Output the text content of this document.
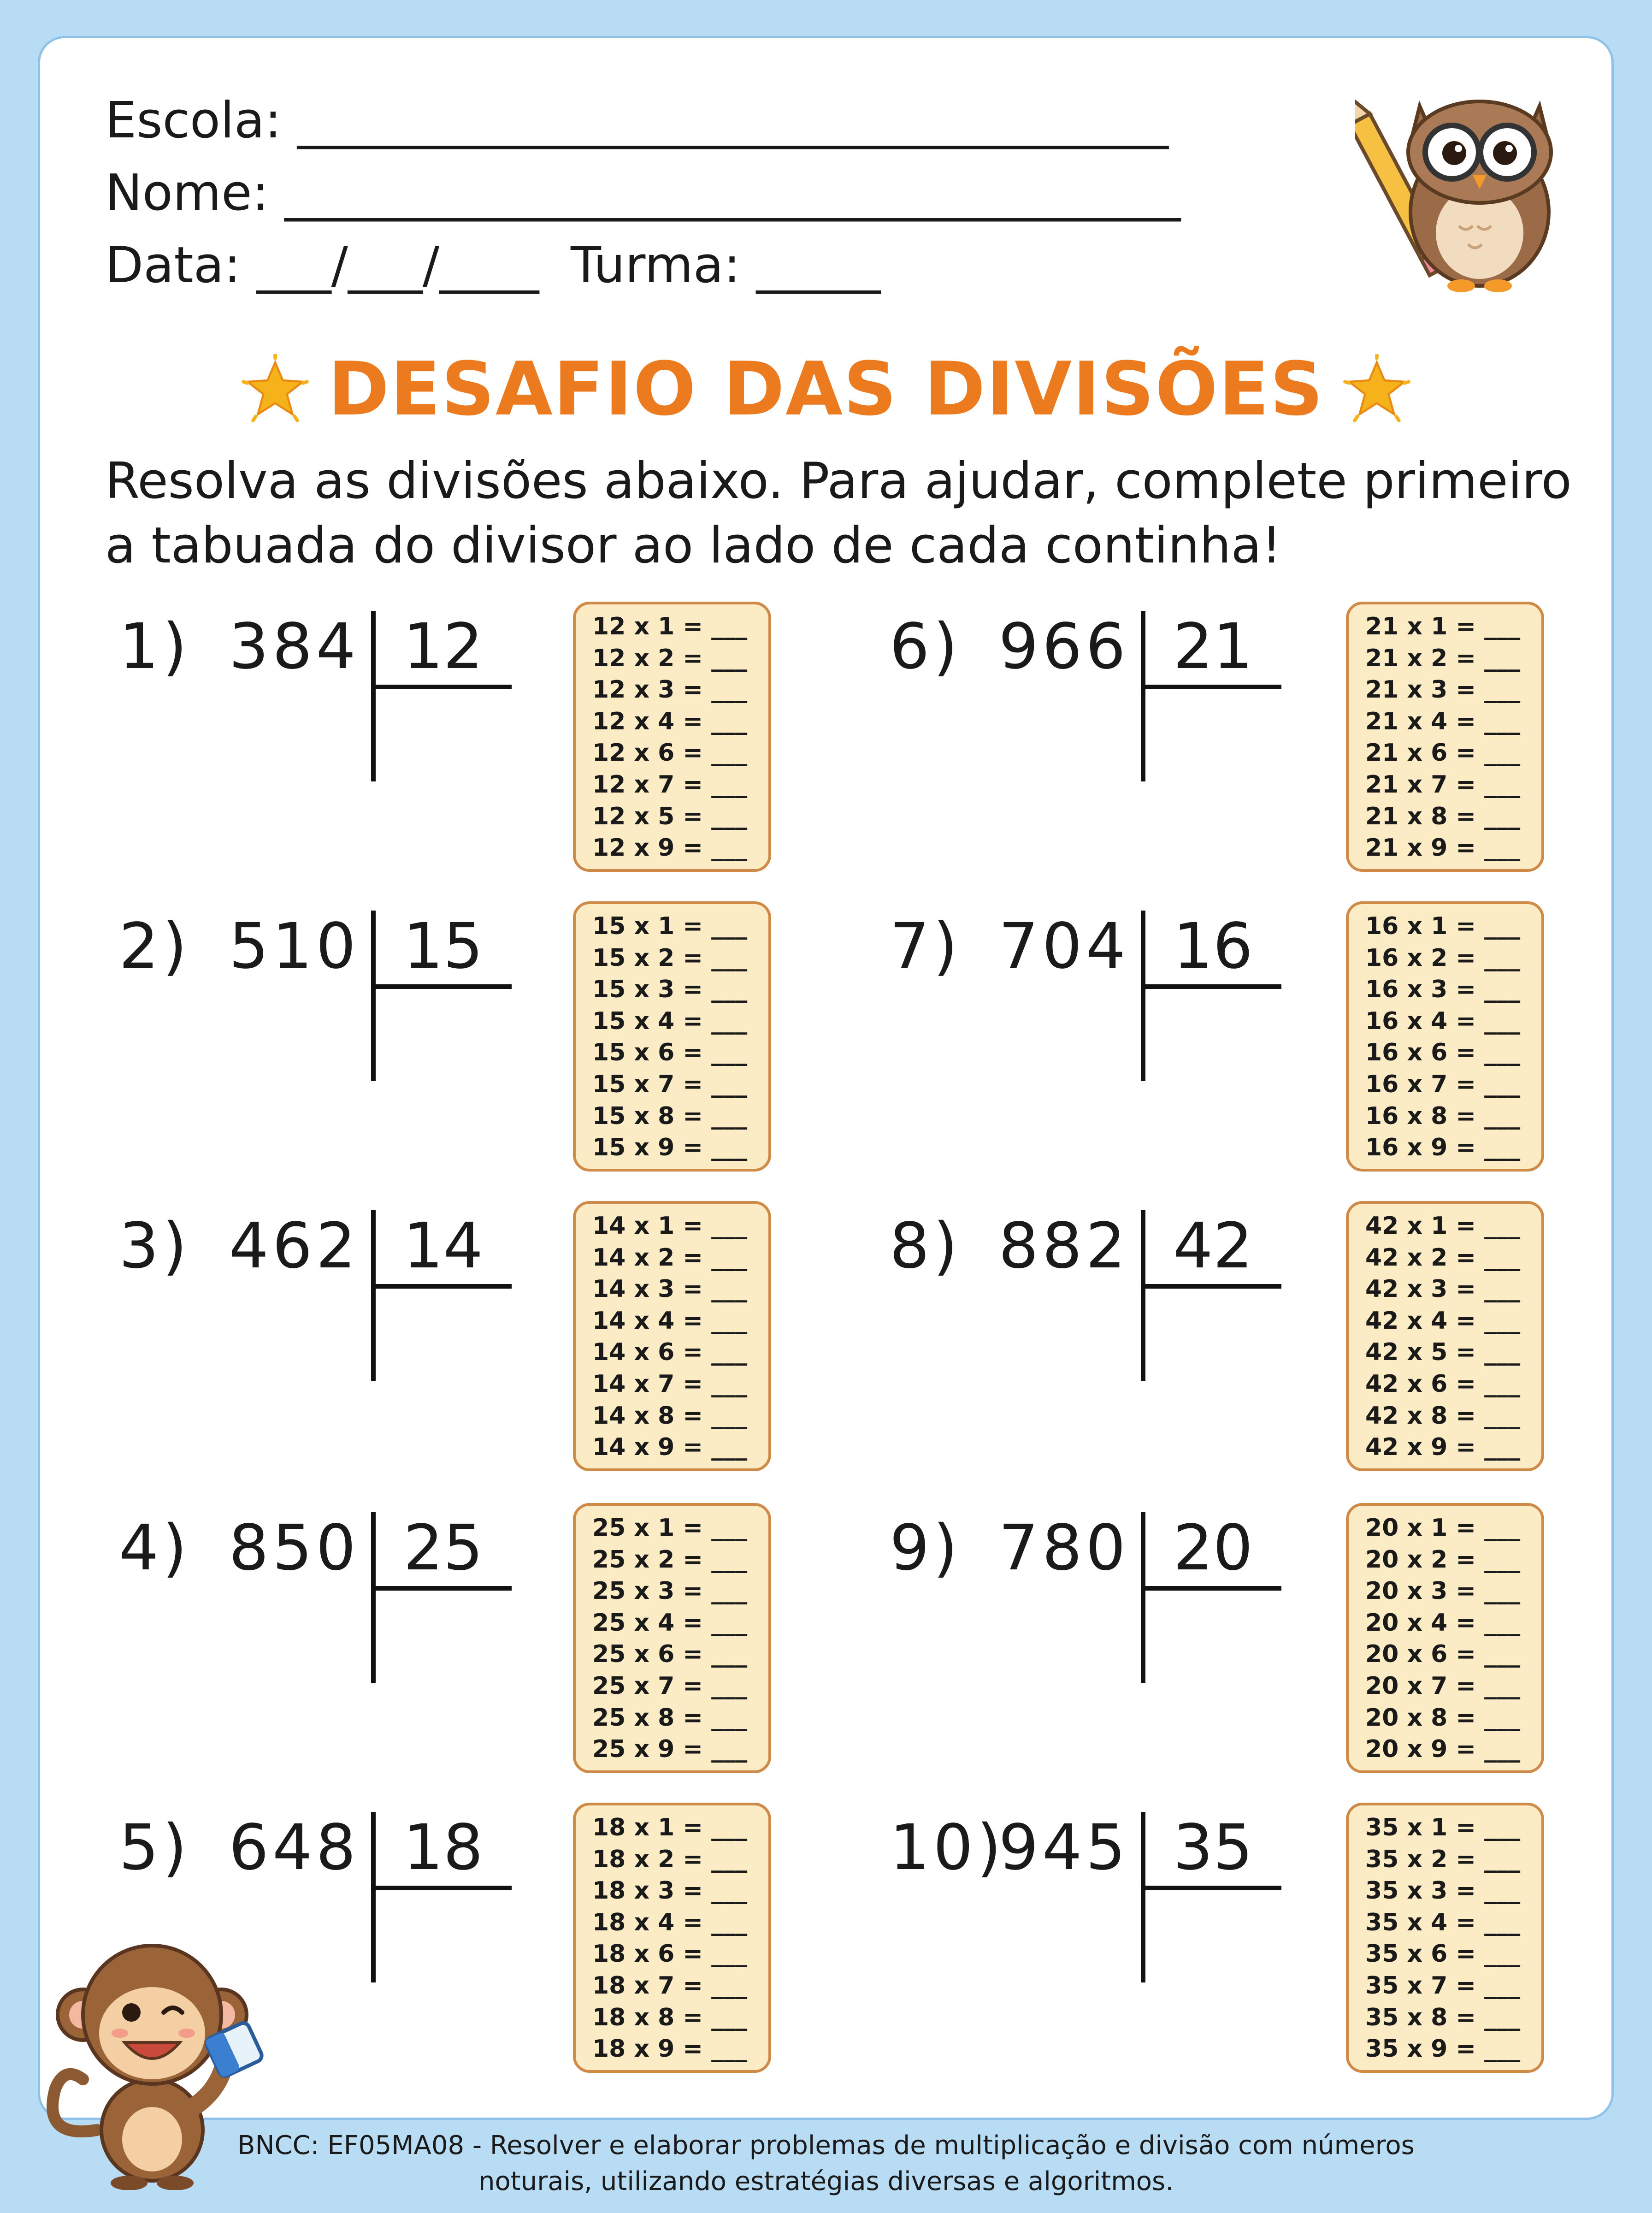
Escola: ___________________________________
Nome: ____________________________________
Data: ___/___/____  Turma: _____
DESAFIO DAS DIVISÕES
Resolva as divisões abaixo. Para ajudar, complete primeiro
a tabuada do divisor ao lado de cada continha!
1) 384 12	12 x 1 = ___
12 x 2 = ___
12 x 3 = ___
12 x 4 = ___
12 x 6 = ___
12 x 7 = ___
12 x 5 = ___
12 x 9 = ___
2) 510 15	15 x 1 = ___
15 x 2 = ___
15 x 3 = ___
15 x 4 = ___
15 x 6 = ___
15 x 7 = ___
15 x 8 = ___
15 x 9 = ___
3) 462 14	14 x 1 = ___
14 x 2 = ___
14 x 3 = ___
14 x 4 = ___
14 x 6 = ___
14 x 7 = ___
14 x 8 = ___
14 x 9 = ___
4) 850 25	25 x 1 = ___
25 x 2 = ___
25 x 3 = ___
25 x 4 = ___
25 x 6 = ___
25 x 7 = ___
25 x 8 = ___
25 x 9 = ___
5) 648 18	18 x 1 = ___
18 x 2 = ___
18 x 3 = ___
18 x 4 = ___
18 x 6 = ___
18 x 7 = ___
18 x 8 = ___
18 x 9 = ___
6) 966 21	21 x 1 = ___
21 x 2 = ___
21 x 3 = ___
21 x 4 = ___
21 x 6 = ___
21 x 7 = ___
21 x 8 = ___
21 x 9 = ___
7) 704 16	16 x 1 = ___
16 x 2 = ___
16 x 3 = ___
16 x 4 = ___
16 x 6 = ___
16 x 7 = ___
16 x 8 = ___
16 x 9 = ___
8) 882 42	42 x 1 = ___
42 x 2 = ___
42 x 3 = ___
42 x 4 = ___
42 x 5 = ___
42 x 6 = ___
42 x 8 = ___
42 x 9 = ___
9) 780 20	20 x 1 = ___
20 x 2 = ___
20 x 3 = ___
20 x 4 = ___
20 x 6 = ___
20 x 7 = ___
20 x 8 = ___
20 x 9 = ___
10)
945 35	35 x 1 = ___
35 x 2 = ___
35 x 3 = ___
35 x 4 = ___
35 x 6 = ___
35 x 7 = ___
35 x 8 = ___
35 x 9 = ___
BNCC: EF05MA08 - Resolver e elaborar problemas de multiplicação e divisão com números
noturais, utilizando estratégias diversas e algoritmos.
